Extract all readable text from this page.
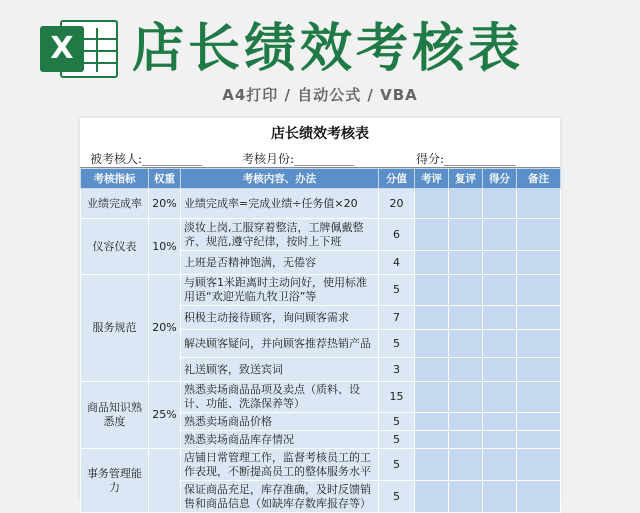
X 店长绩效考核表
A4打印 / 自动公式 / VBA
店长绩效考核表
被考核人:__________	考核月份:__________	得分:____________
考核指标	权重	考核内容、办法	分值	考评	复评	得分	备注
业绩完成率	20%	业绩完成率=完成业绩÷任务值×20	20				
仪容仪表	10%	淡妆上岗,工服穿着整洁，工牌佩戴整齐、规范,遵守纪律，按时上下班	6				
		上班是否精神饱满，无倦容	4				
服务规范	20%	与顾客1米距离时主动问好，使用标准用语“欢迎光临九牧卫浴”等	5				
		积极主动接待顾客，询问顾客需求	7				
		解决顾客疑问，并向顾客推荐热销产品	5				
		礼送顾客，致送宾词	3				
商品知识熟悉度	25%	熟悉卖场商品品项及卖点（质料、设计、功能、洗涤保养等）	15				
		熟悉卖场商品价格	5				
		熟悉卖场商品库存情况	5				
事务管理能力		店铺日常管理工作，监督考核员工的工作表现，不断提高员工的整体服务水平	5				
		保证商品充足，库存准确，及时反馈销售和商品信息（如缺库存数库报存等）	5				
